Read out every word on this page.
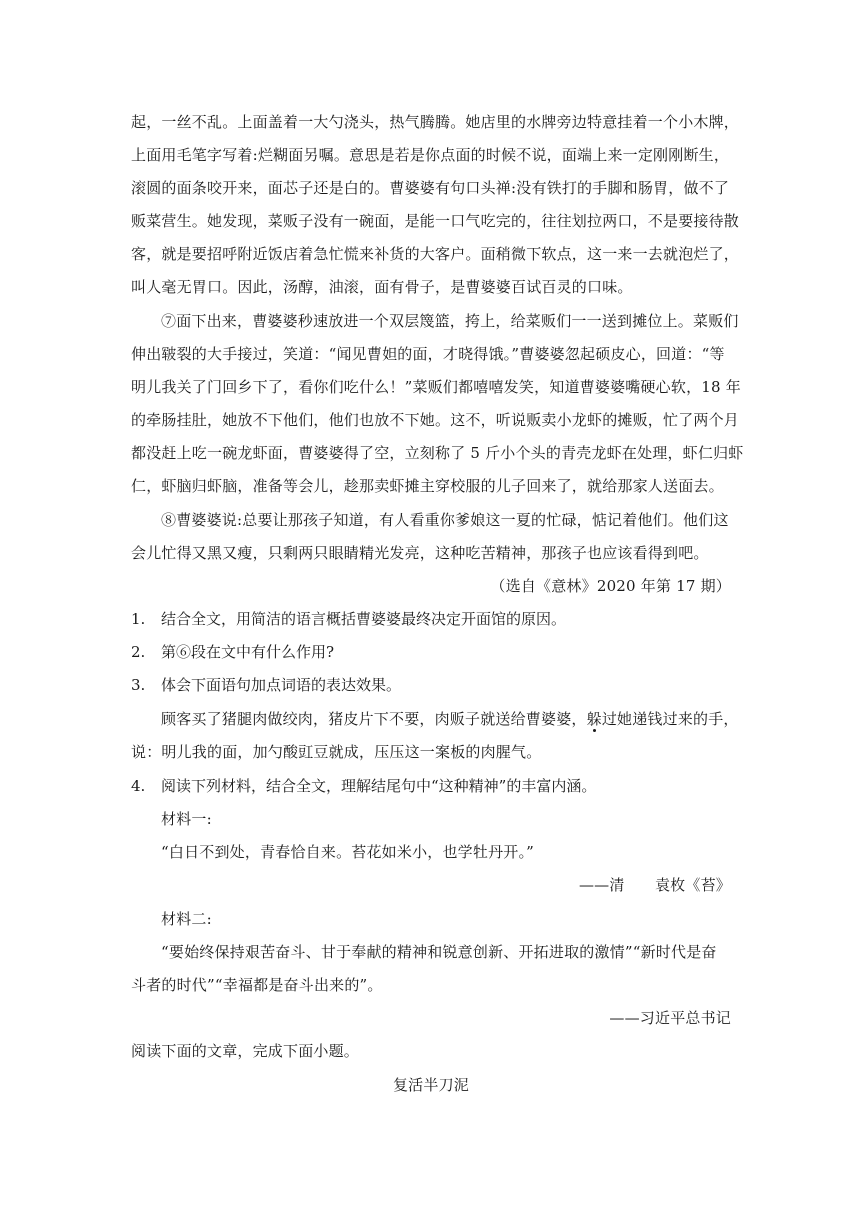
起，一丝不乱。上面盖着一大勺浇头，热气腾腾。她店里的水牌旁边特意挂着一个小木牌，
上面用毛笔字写着:烂糊面另嘱。意思是若是你点面的时候不说，面端上来一定刚刚断生，
滚圆的面条咬开来，面芯子还是白的。曹婆婆有句口头禅:没有铁打的手脚和肠胃，做不了
贩菜营生。她发现，菜贩子没有一碗面，是能一口气吃完的，往往划拉两口，不是要接待散
客，就是要招呼附近饭店着急忙慌来补货的大客户。面稍微下软点，这一来一去就泡烂了，
叫人毫无胃口。因此，汤醇，油滚，面有骨子，是曹婆婆百试百灵的口味。
⑦面下出来，曹婆婆秒速放进一个双层篾篮，挎上，给菜贩们一一送到摊位上。菜贩们
伸出皲裂的大手接过，笑道：“闻见曹妲的面，才晓得饿。”曹婆婆忽起硕皮心，回道：“等
明儿我关了门回乡下了，看你们吃什么！”菜贩们都嘻嘻发笑，知道曹婆婆嘴硬心软，18 年
的牵肠挂肚，她放不下他们，他们也放不下她。这不，听说贩卖小龙虾的摊贩，忙了两个月
都没赶上吃一碗龙虾面，曹婆婆得了空，立刻称了 5 斤小个头的青壳龙虾在处理，虾仁归虾
仁，虾脑归虾脑，准备等会儿，趁那卖虾摊主穿校服的儿子回来了，就给那家人送面去。
⑧曹婆婆说:总要让那孩子知道，有人看重你爹娘这一夏的忙碌，惦记着他们。他们这
会儿忙得又黑又瘦，只剩两只眼睛精光发亮，这种吃苦精神，那孩子也应该看得到吧。
（选自《意林》2020 年第 17 期）
1.	结合全文，用简洁的语言概括曹婆婆最终决定开面馆的原因。
2.	第⑥段在文中有什么作用?
3.	体会下面语句加点词语的表达效果。
顾客买了猪腿肉做绞肉，猪皮片下不要，肉贩子就送给曹婆婆，躲过她递钱过来的手，
说：明儿我的面，加勺酸豇豆就成，压压这一案板的肉腥气。
4.	阅读下列材料，结合全文，理解结尾句中“这种精神”的丰富内涵。
材料一:
“白日不到处，青春恰自来。苔花如米小，也学牡丹开。”
——清　　袁枚《苔》
材料二:
“要始终保持艰苦奋斗、甘于奉献的精神和锐意创新、开拓进取的激情”“新时代是奋
斗者的时代”“幸福都是奋斗出来的”。
——习近平总书记
阅读下面的文章，完成下面小题。
复活半刀泥
